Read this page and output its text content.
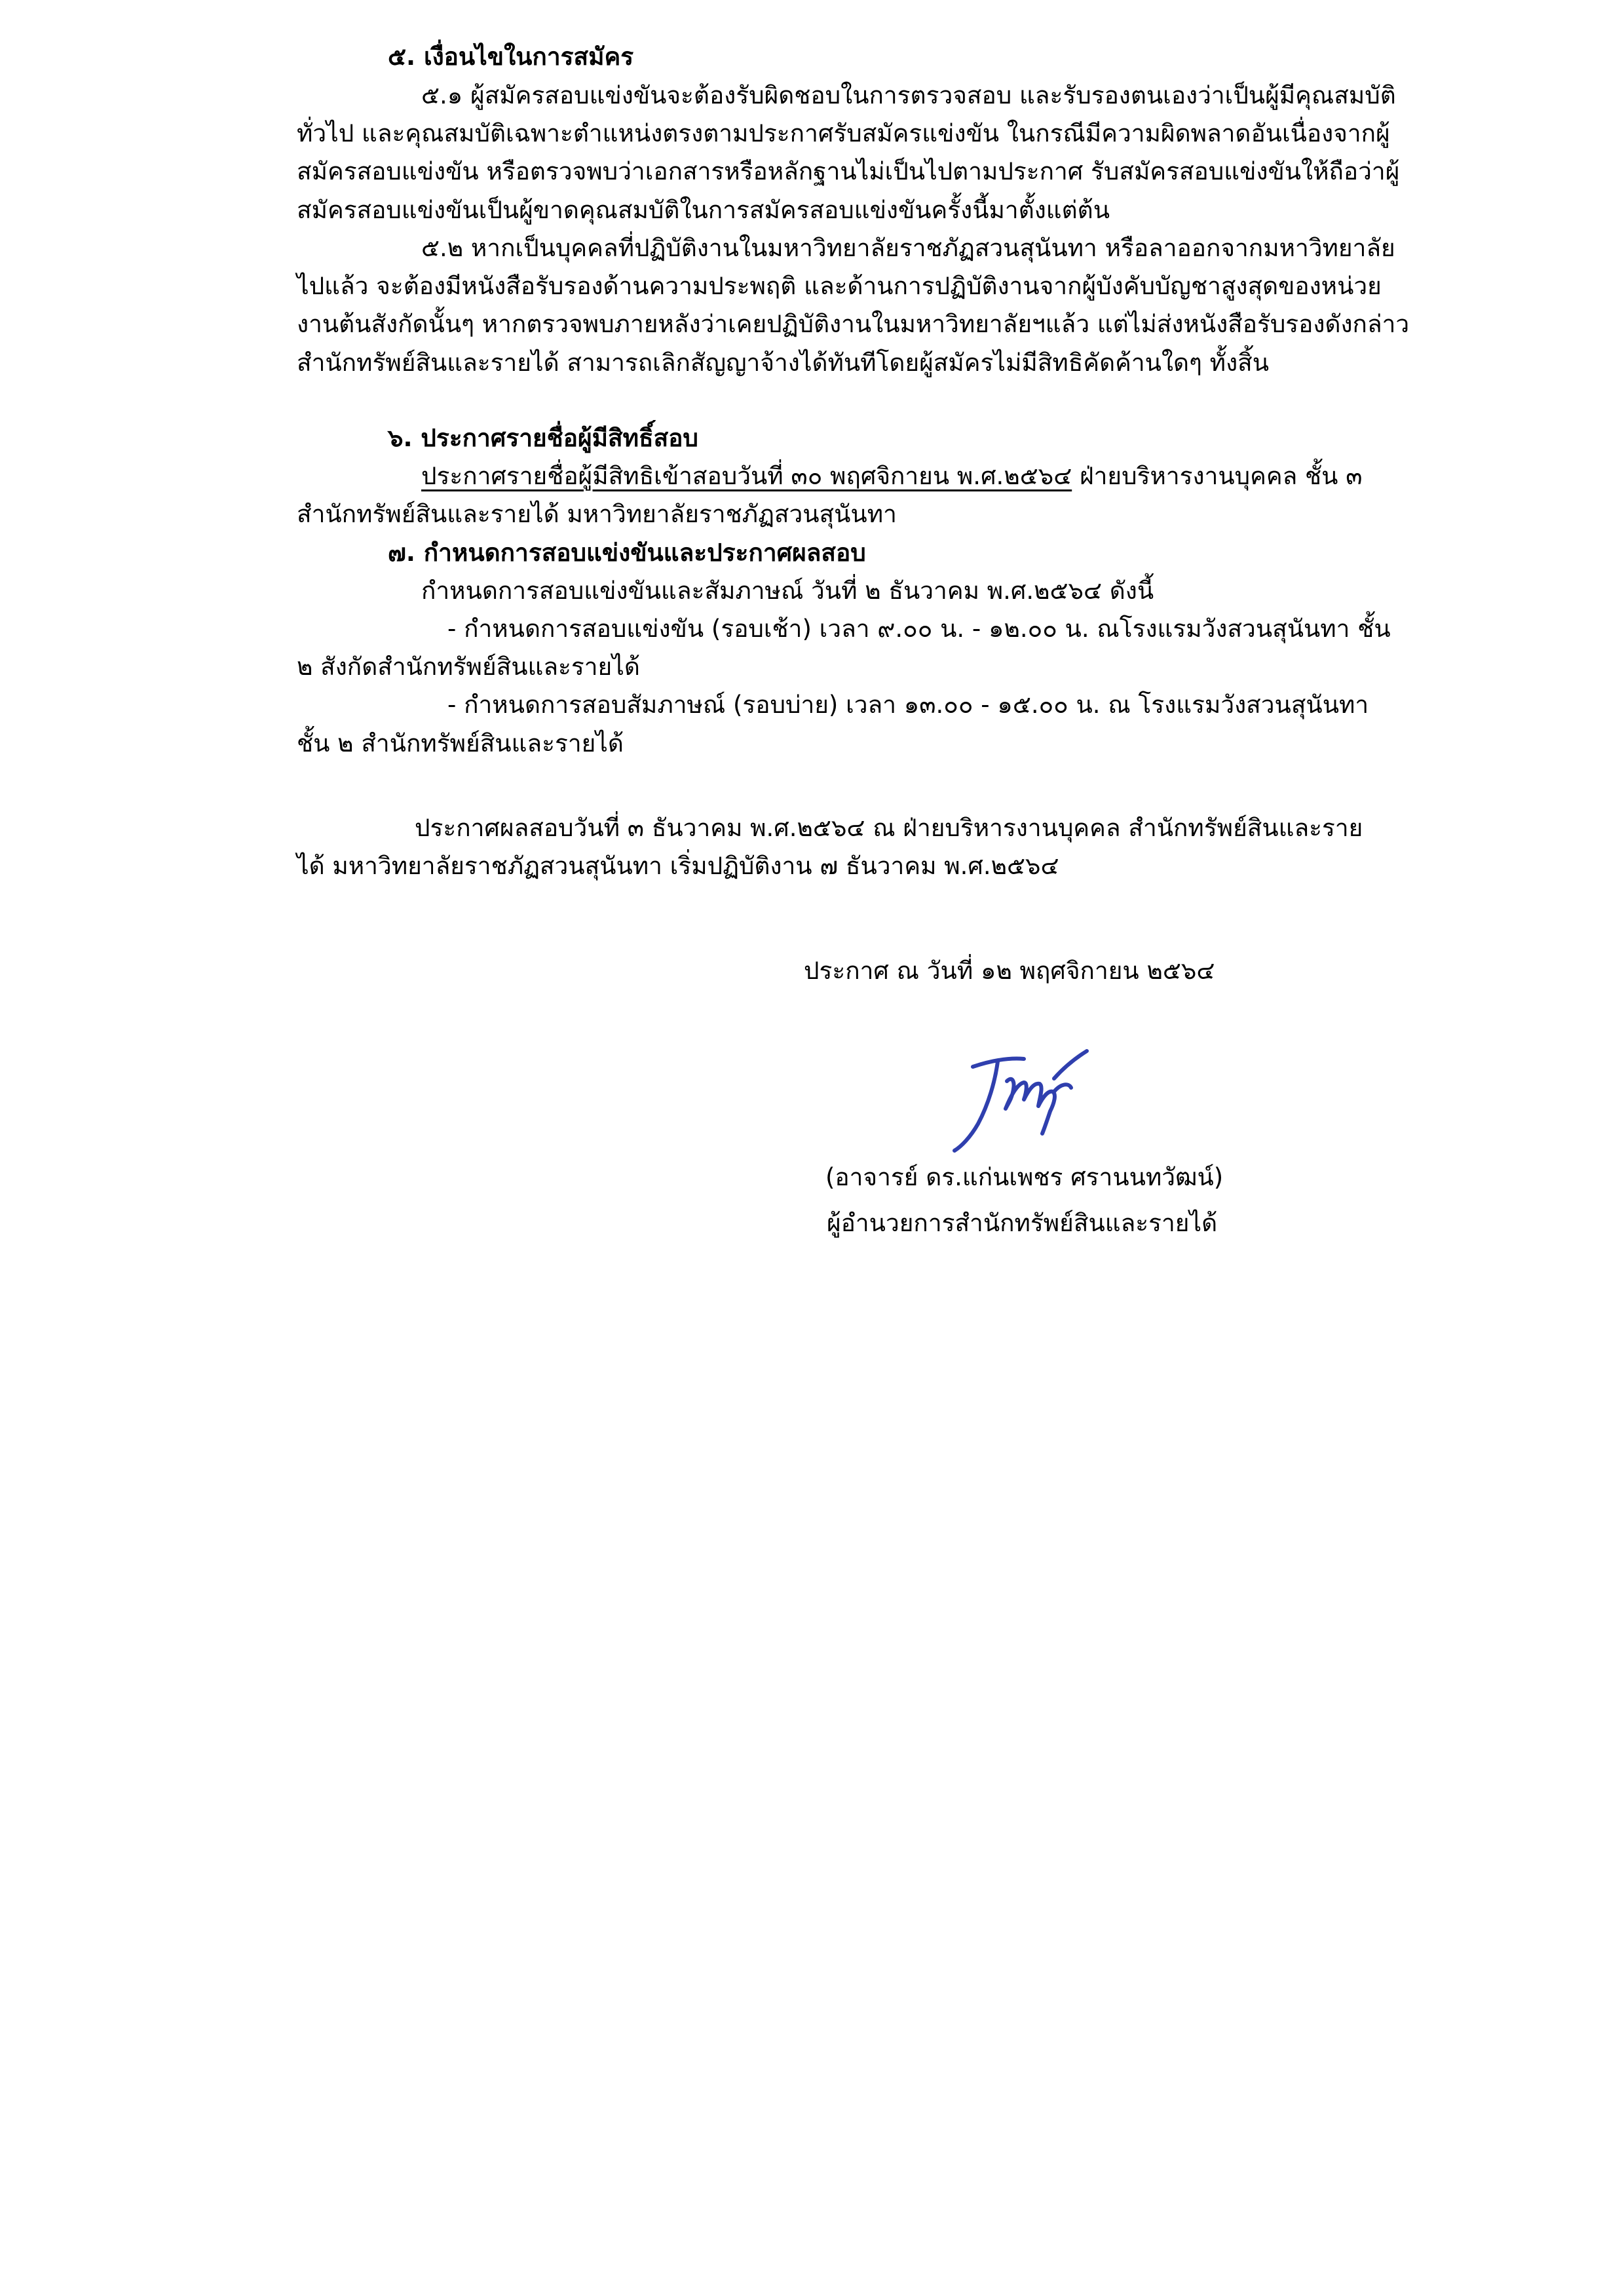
๕. เงื่อนไขในการสมัคร
๕.๑ ผู้สมัครสอบแข่งขันจะต้องรับผิดชอบในการตรวจสอบ และรับรองตนเองว่าเป็นผู้มีคุณสมบัติ
ทั่วไป และคุณสมบัติเฉพาะตำแหน่งตรงตามประกาศรับสมัครแข่งขัน ในกรณีมีความผิดพลาดอันเนื่องจากผู้
สมัครสอบแข่งขัน หรือตรวจพบว่าเอกสารหรือหลักฐานไม่เป็นไปตามประกาศ รับสมัครสอบแข่งขันให้ถือว่าผู้
สมัครสอบแข่งขันเป็นผู้ขาดคุณสมบัติในการสมัครสอบแข่งขันครั้งนี้มาตั้งแต่ต้น
๕.๒ หากเป็นบุคคลที่ปฏิบัติงานในมหาวิทยาลัยราชภัฏสวนสุนันทา หรือลาออกจากมหาวิทยาลัย
ไปแล้ว จะต้องมีหนังสือรับรองด้านความประพฤติ และด้านการปฏิบัติงานจากผู้บังคับบัญชาสูงสุดของหน่วย
งานต้นสังกัดนั้นๆ หากตรวจพบภายหลังว่าเคยปฏิบัติงานในมหาวิทยาลัยฯแล้ว แต่ไม่ส่งหนังสือรับรองดังกล่าว
สำนักทรัพย์สินและรายได้ สามารถเลิกสัญญาจ้างได้ทันทีโดยผู้สมัครไม่มีสิทธิคัดค้านใดๆ ทั้งสิ้น
๖. ประกาศรายชื่อผู้มีสิทธิ์สอบ
ประกาศรายชื่อผู้มีสิทธิเข้าสอบวันที่ ๓๐ พฤศจิกายน พ.ศ.๒๕๖๔ ฝ่ายบริหารงานบุคคล ชั้น ๓
สำนักทรัพย์สินและรายได้ มหาวิทยาลัยราชภัฏสวนสุนันทา
๗. กำหนดการสอบแข่งขันและประกาศผลสอบ
กำหนดการสอบแข่งขันและสัมภาษณ์ วันที่ ๒ ธันวาคม พ.ศ.๒๕๖๔ ดังนี้
- กำหนดการสอบแข่งขัน (รอบเช้า) เวลา ๙.๐๐ น. - ๑๒.๐๐ น. ณโรงแรมวังสวนสุนันทา ชั้น
๒ สังกัดสำนักทรัพย์สินและรายได้
- กำหนดการสอบสัมภาษณ์ (รอบบ่าย) เวลา ๑๓.๐๐ - ๑๕.๐๐ น. ณ โรงแรมวังสวนสุนันทา
ชั้น ๒ สำนักทรัพย์สินและรายได้
ประกาศผลสอบวันที่ ๓ ธันวาคม พ.ศ.๒๕๖๔ ณ ฝ่ายบริหารงานบุคคล สำนักทรัพย์สินและราย
ได้ มหาวิทยาลัยราชภัฏสวนสุนันทา เริ่มปฏิบัติงาน ๗ ธันวาคม พ.ศ.๒๕๖๔
ประกาศ ณ วันที่ ๑๒ พฤศจิกายน ๒๕๖๔
(อาจารย์ ดร.แก่นเพชร ศรานนทวัฒน์)
ผู้อำนวยการสำนักทรัพย์สินและรายได้
